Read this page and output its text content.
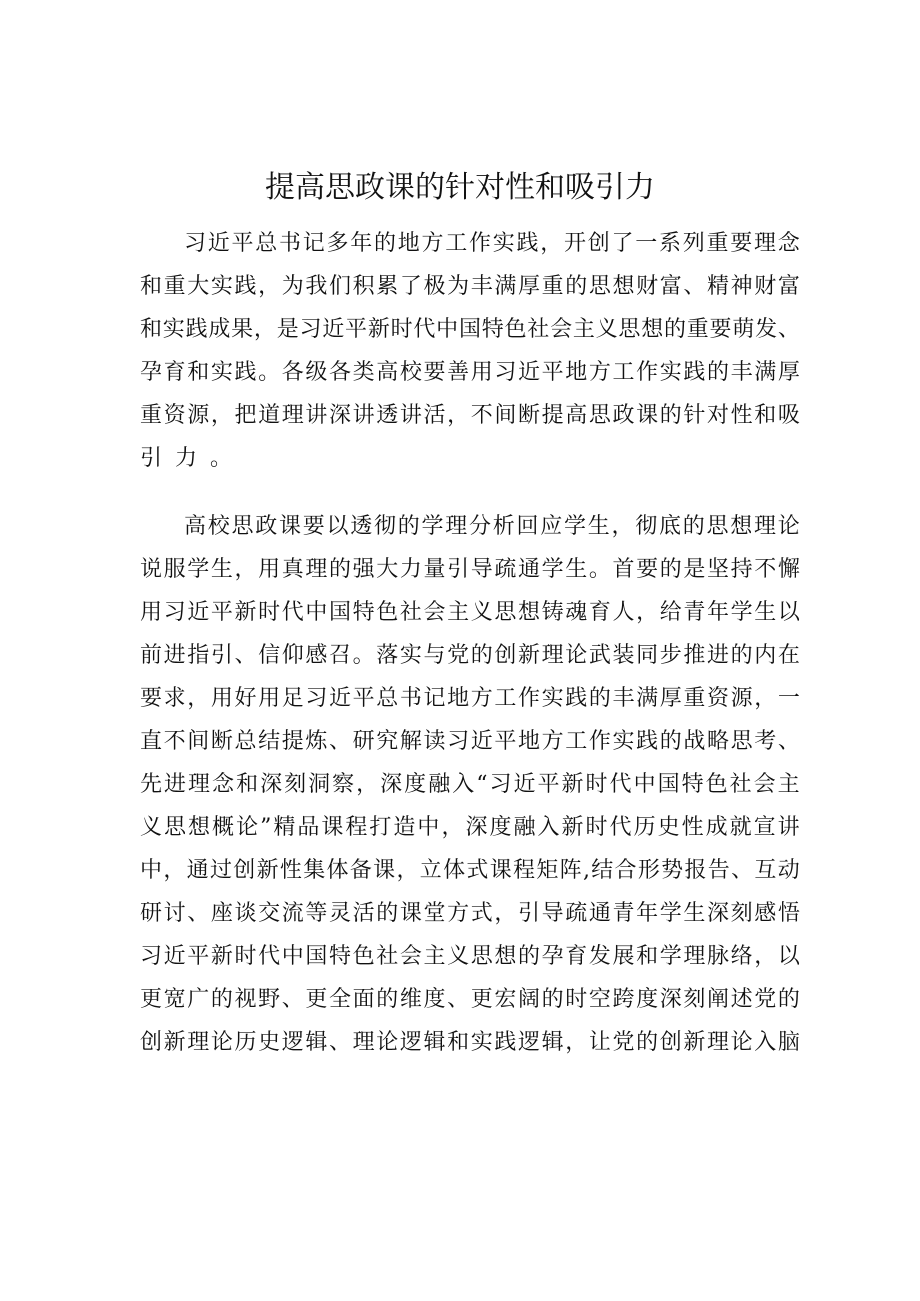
提高思政课的针对性和吸引力
习 近 平 总 书 记 多 年 的 地 方 工 作 实 践 ， 开 创 了 一 系 列 重 要 理 念
和 重 大 实 践 ， 为 我 们 积 累 了 极 为 丰 满 厚 重 的 思 想 财 富 、 精 神 财 富
和 实 践 成 果 ， 是 习 近 平 新 时 代 中 国 特 色 社 会 主 义 思 想 的 重 要 萌 发 、
孕 育 和 实 践 。 各 级 各 类 高 校 要 善 用 习 近 平 地 方 工 作 实 践 的 丰 满 厚
重 资 源 ， 把 道 理 讲 深 讲 透 讲 活 ， 不 间 断 提 高 思 政 课 的 针 对 性 和 吸
引 力 。
高 校 思 政 课 要 以 透 彻 的 学 理 分 析 回 应 学 生 ， 彻 底 的 思 想 理 论
说 服 学 生 ， 用 真 理 的 强 大 力 量 引 导 疏 通 学 生 。 首 要 的 是 坚 持 不 懈
用 习 近 平 新 时 代 中 国 特 色 社 会 主 义 思 想 铸 魂 育 人 ， 给 青 年 学 生 以
前 进 指 引 、 信 仰 感 召 。 落 实 与 党 的 创 新 理 论 武 装 同 步 推 进 的 内 在
要 求 ， 用 好 用 足 习 近 平 总 书 记 地 方 工 作 实 践 的 丰 满 厚 重 资 源 ， 一
直 不 间 断 总 结 提 炼 、 研 究 解 读 习 近 平 地 方 工 作 实 践 的 战 略 思 考 、
先 进 理 念 和 深 刻 洞 察 ， 深 度 融 入 “ 习 近 平 新 时 代 中 国 特 色 社 会 主
义 思 想 概 论 ” 精 品 课 程 打 造 中 ， 深 度 融 入 新 时 代 历 史 性 成 就 宣 讲
中 ， 通 过 创 新 性 集 体 备 课 ， 立 体 式 课 程 矩 阵 , 结 合 形 势 报 告 、 互 动
研 讨 、 座 谈 交 流 等 灵 活 的 课 堂 方 式 ， 引 导 疏 通 青 年 学 生 深 刻 感 悟
习 近 平 新 时 代 中 国 特 色 社 会 主 义 思 想 的 孕 育 发 展 和 学 理 脉 络 ， 以
更 宽 广 的 视 野 、 更 全 面 的 维 度 、 更 宏 阔 的 时 空 跨 度 深 刻 阐 述 党 的
创 新 理 论 历 史 逻 辑 、 理 论 逻 辑 和 实 践 逻 辑 ， 让 党 的 创 新 理 论 入 脑
